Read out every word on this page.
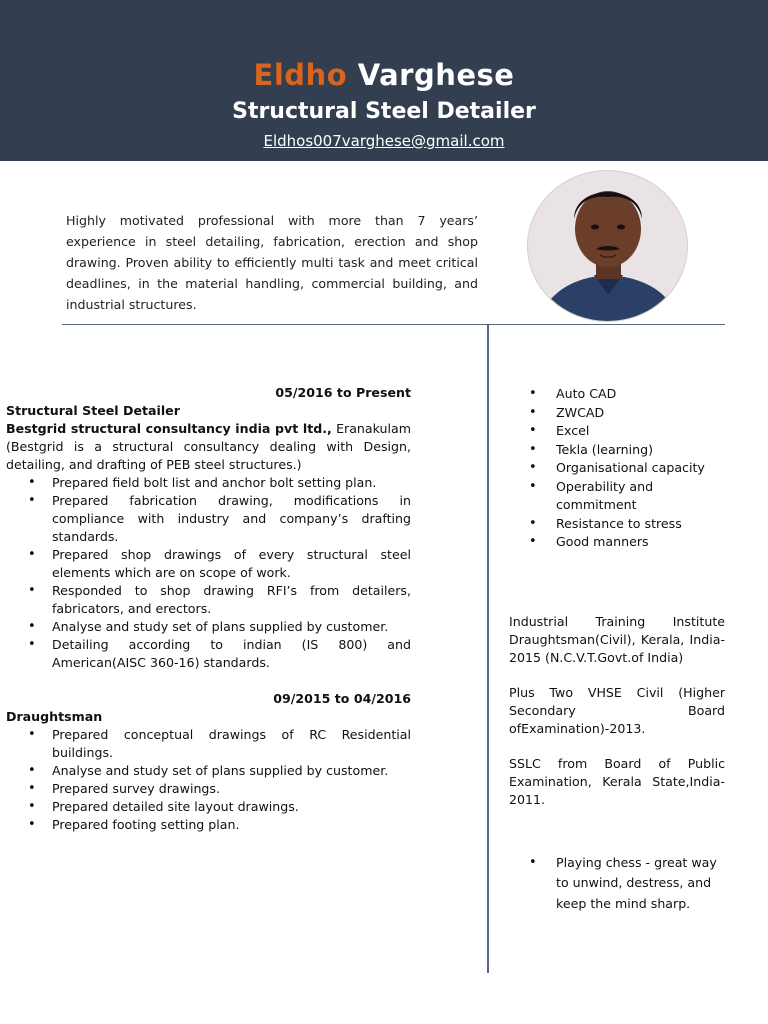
Eldho Varghese
Structural Steel Detailer
Eldhos007varghese@gmail.com
Highly motivated professional with more than 7 years’ experience in steel detailing, fabrication, erection and shop drawing. Proven ability to efficiently multi task and meet critical deadlines, in the material handling, commercial building, and industrial structures.
05/2016 to Present
Structural Steel Detailer
Bestgrid structural consultancy india pvt ltd., Eranakulam (Bestgrid is a structural consultancy dealing with Design, detailing, and drafting of PEB steel structures.)
• Prepared field bolt list and anchor bolt setting plan.
• Prepared fabrication drawing, modifications in compliance with industry and company’s drafting standards.
• Prepared shop drawings of every structural steel elements which are on scope of work.
• Responded to shop drawing RFI’s from detailers, fabricators, and erectors.
• Analyse and study set of plans supplied by customer.
• Detailing according to indian (IS 800) and American(AISC 360-16) standards.
09/2015 to 04/2016
Draughtsman
• Prepared conceptual drawings of RC Residential buildings.
• Analyse and study set of plans supplied by customer.
• Prepared survey drawings.
• Prepared detailed site layout drawings.
• Prepared footing setting plan.
• Auto CAD
• ZWCAD
• Excel
• Tekla (learning)
• Organisational capacity
• Operability and commitment
• Resistance to stress
• Good manners

Industrial Training Institute Draughtsman(Civil), Kerala, India-2015 (N.C.V.T.Govt.of India)

Plus Two VHSE Civil (Higher Secondary Board ofExamination)-2013.

SSLC from Board of Public Examination, Kerala State,India-2011.

• Playing chess - great way to unwind, destress, and keep the mind sharp.
